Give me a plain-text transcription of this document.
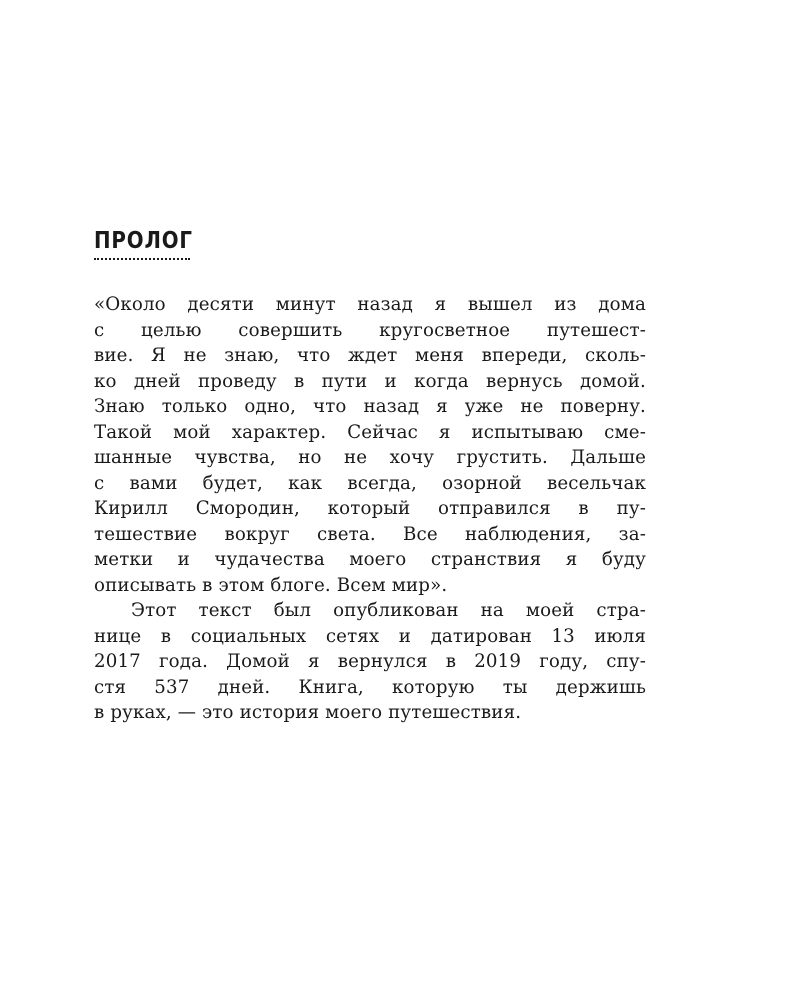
ПРОЛОГ
«Около десяти минут назад я вышел из дома
с целью совершить кругосветное путешест-
вие. Я не знаю, что ждет меня впереди, сколь-
ко дней проведу в пути и когда вернусь домой.
Знаю только одно, что назад я уже не поверну.
Такой мой характер. Сейчас я испытываю сме-
шанные чувства, но не хочу грустить. Дальше
с вами будет, как всегда, озорной весельчак
Кирилл Смородин, который отправился в пу-
тешествие вокруг света. Все наблюдения, за-
метки и чудачества моего странствия я буду
описывать в этом блоге. Всем мир».
Этот текст был опубликован на моей стра-
нице в социальных сетях и датирован 13 июля
2017 года. Домой я вернулся в 2019 году, спу-
стя 537 дней. Книга, которую ты держишь
в руках, — это история моего путешествия.
